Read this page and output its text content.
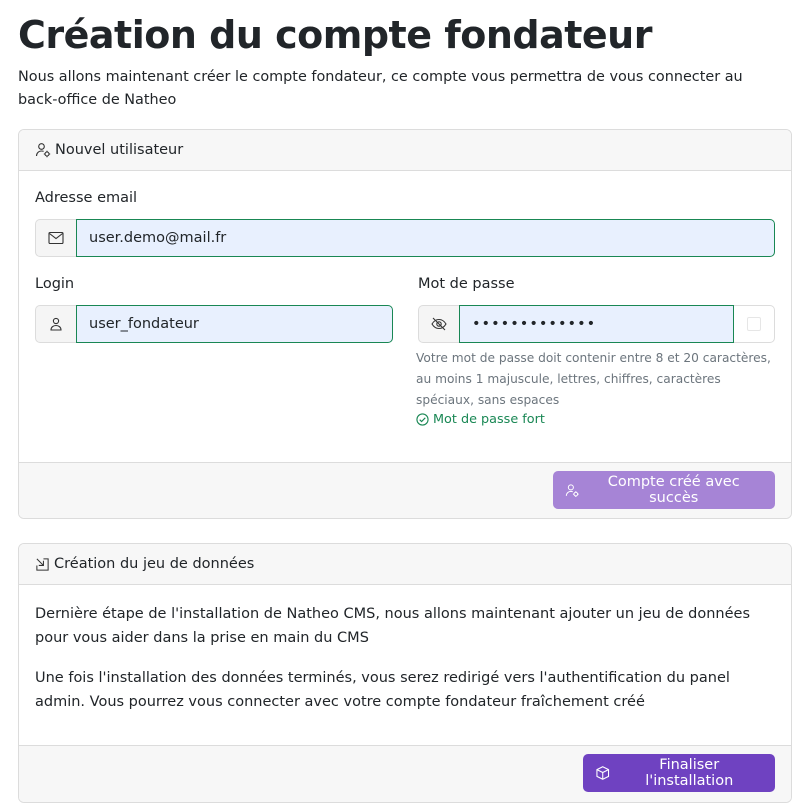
Création du compte fondateur

Nous allons maintenant créer le compte fondateur, ce compte vous permettra de vous connecter au back-office de Natheo

Nouvel utilisateur

Adresse email

user.demo@mail.fr

Login

user_fondateur

Mot de passe

•••••••••••••

Votre mot de passe doit contenir entre 8 et 20 caractères, au moins 1 majuscule, lettres, chiffres, caractères spéciaux, sans espaces

Mot de passe fort
Compte créé avec succès
Création du jeu de données

Dernière étape de l'installation de Natheo CMS, nous allons maintenant ajouter un jeu de données pour vous aider dans la prise en main du CMS

Une fois l'installation des données terminés, vous serez redirigé vers l'authentification du panel admin. Vous pourrez vous connecter avec votre compte fondateur fraîchement créé

Finaliser l'installation
